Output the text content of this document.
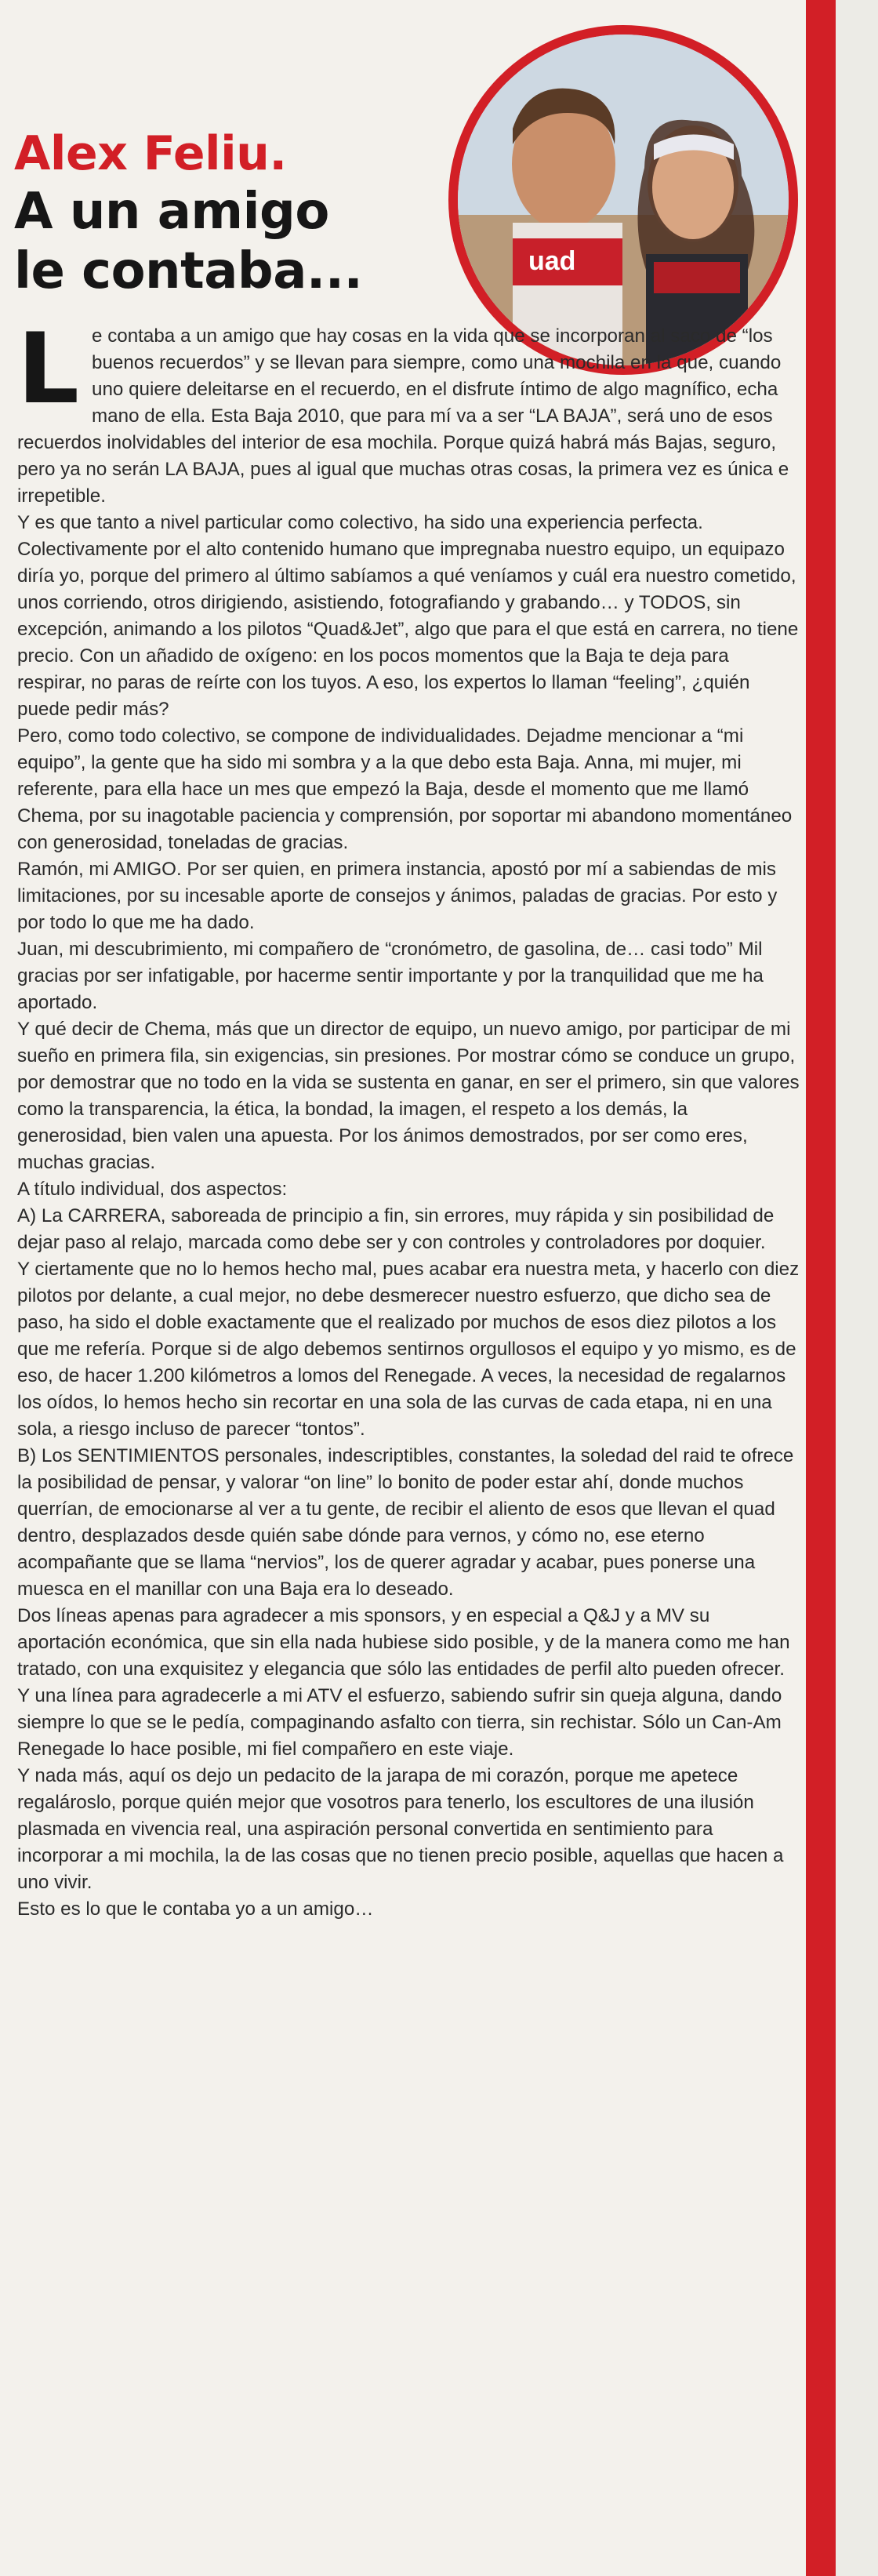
uad
Alex Feliu.
A un amigo
le contaba...

Le contaba a un amigo que hay cosas en la vida que se incorporan al saco de “los buenos recuerdos” y se llevan para siempre, como una mochila en la que, cuando uno quiere deleitarse en el recuerdo, en el disfrute íntimo de algo magnífico, echa mano de ella. Esta Baja 2010, que para mí va a ser “LA BAJA”, será uno de esos recuerdos inolvidables del interior de esa mochila. Porque quizá habrá más Bajas, seguro, pero ya no serán LA BAJA, pues al igual que muchas otras cosas, la primera vez es única e irrepetible.

Y es que tanto a nivel particular como colectivo, ha sido una experiencia perfecta. Colectivamente por el alto contenido humano que impregnaba nuestro equipo, un equipazo diría yo, porque del primero al último sabíamos a qué veníamos y cuál era nuestro cometido, unos corriendo, otros dirigiendo, asistiendo, fotografiando y grabando… y TODOS, sin excepción, animando a los pilotos “Quad&Jet”, algo que para el que está en carrera, no tiene precio. Con un añadido de oxígeno: en los pocos momentos que la Baja te deja para respirar, no paras de reírte con los tuyos. A eso, los expertos lo llaman “feeling”, ¿quién puede pedir más?

Pero, como todo colectivo, se compone de individualidades. Dejadme mencionar a “mi equipo”, la gente que ha sido mi sombra y a la que debo esta Baja. Anna, mi mujer, mi referente, para ella hace un mes que empezó la Baja, desde el momento que me llamó Chema, por su inagotable paciencia y comprensión, por soportar mi abandono momentáneo con generosidad, toneladas de gracias.

Ramón, mi AMIGO. Por ser quien, en primera instancia, apostó por mí a sabiendas de mis limitaciones, por su incesable aporte de consejos y ánimos, paladas de gracias. Por esto y por todo lo que me ha dado.

Juan, mi descubrimiento, mi compañero de “cronómetro, de gasolina, de… casi todo” Mil gracias por ser infatigable, por hacerme sentir importante y por la tranquilidad que me ha aportado.

Y qué decir de Chema, más que un director de equipo, un nuevo amigo, por participar de mi sueño en primera fila, sin exigencias, sin presiones. Por mostrar cómo se conduce un grupo, por demostrar que no todo en la vida se sustenta en ganar, en ser el primero, sin que valores como la transparencia, la ética, la bondad, la imagen, el respeto a los demás, la generosidad, bien valen una apuesta. Por los ánimos demostrados, por ser como eres, muchas gracias.

A título individual, dos aspectos:

A) La CARRERA, saboreada de principio a fin, sin errores, muy rápida y sin posibilidad de dejar paso al relajo, marcada como debe ser y con controles y controladores por doquier.

Y ciertamente que no lo hemos hecho mal, pues acabar era nuestra meta, y hacerlo con diez pilotos por delante, a cual mejor, no debe desmerecer nuestro esfuerzo, que dicho sea de paso, ha sido el doble exactamente que el realizado por muchos de esos diez pilotos a los que me refería. Porque si de algo debemos sentirnos orgullosos el equipo y yo mismo, es de eso, de hacer 1.200 kilómetros a lomos del Renegade. A veces, la necesidad de regalarnos los oídos, lo hemos hecho sin recortar en una sola de las curvas de cada etapa, ni en una sola, a riesgo incluso de parecer “tontos”.

B) Los SENTIMIENTOS personales, indescriptibles, constantes, la soledad del raid te ofrece la posibilidad de pensar, y valorar “on line” lo bonito de poder estar ahí, donde muchos querrían, de emocionarse al ver a tu gente, de recibir el aliento de esos que llevan el quad dentro, desplazados desde quién sabe dónde para vernos, y cómo no, ese eterno acompañante que se llama “nervios”, los de querer agradar y acabar, pues ponerse una muesca en el manillar con una Baja era lo deseado.

Dos líneas apenas para agradecer a mis sponsors, y en especial a Q&J y a MV su aportación económica, que sin ella nada hubiese sido posible, y de la manera como me han tratado, con una exquisitez y elegancia que sólo las entidades de perfil alto pueden ofrecer.

Y una línea para agradecerle a mi ATV el esfuerzo, sabiendo sufrir sin queja alguna, dando siempre lo que se le pedía, compaginando asfalto con tierra, sin rechistar. Sólo un Can-Am Renegade lo hace posible, mi fiel compañero en este viaje.

Y nada más, aquí os dejo un pedacito de la jarapa de mi corazón, porque me apetece regalároslo, porque quién mejor que vosotros para tenerlo, los escultores de una ilusión plasmada en vivencia real, una aspiración personal convertida en sentimiento para incorporar a mi mochila, la de las cosas que no tienen precio posible, aquellas que hacen a uno vivir.

Esto es lo que le contaba yo a un amigo…
